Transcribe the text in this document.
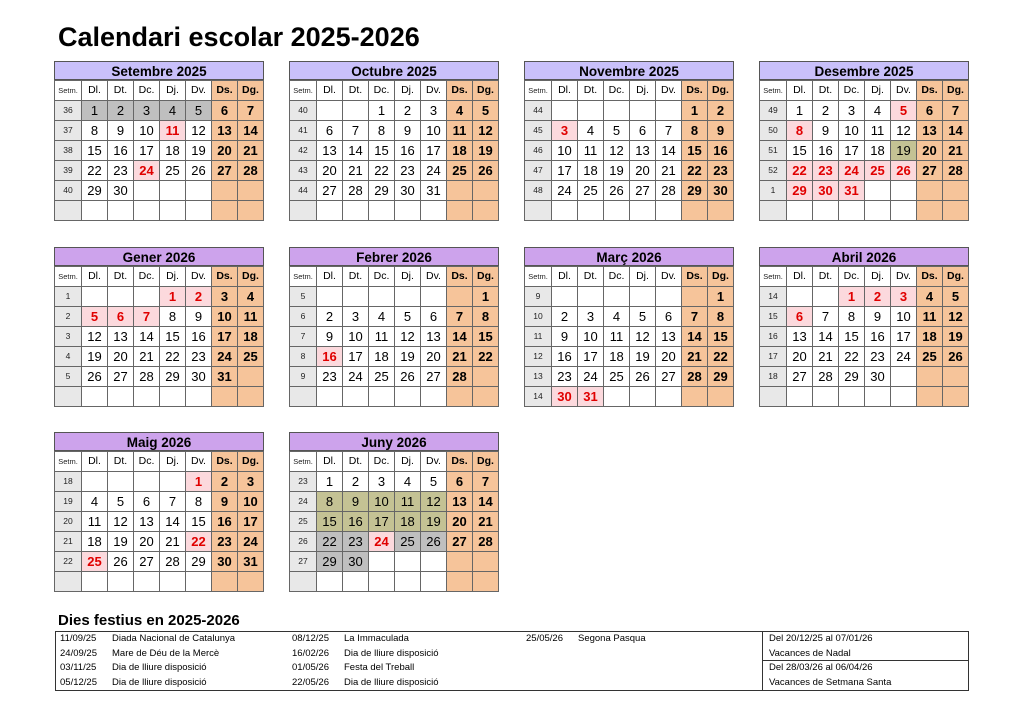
Calendari escolar 2025-2026
Setembre 2025
Setm.	Dl.	Dt.	Dc.	Dj.	Dv.	Ds.	Dg.
36	1	2	3	4	5	6	7
37	8	9	10	11	12	13	14
38	15	16	17	18	19	20	21
39	22	23	24	25	26	27	28
40	29	30					

Octubre 2025
Setm.	Dl.	Dt.	Dc.	Dj.	Dv.	Ds.	Dg.
40			1	2	3	4	5
41	6	7	8	9	10	11	12
42	13	14	15	16	17	18	19
43	20	21	22	23	24	25	26
44	27	28	29	30	31		

Novembre 2025
Setm.	Dl.	Dt.	Dc.	Dj.	Dv.	Ds.	Dg.
44						1	2
45	3	4	5	6	7	8	9
46	10	11	12	13	14	15	16
47	17	18	19	20	21	22	23
48	24	25	26	27	28	29	30

Desembre 2025
Setm.	Dl.	Dt.	Dc.	Dj.	Dv.	Ds.	Dg.
49	1	2	3	4	5	6	7
50	8	9	10	11	12	13	14
51	15	16	17	18	19	20	21
52	22	23	24	25	26	27	28
1	29	30	31				

Gener 2026
Setm.	Dl.	Dt.	Dc.	Dj.	Dv.	Ds.	Dg.
1				1	2	3	4
2	5	6	7	8	9	10	11
3	12	13	14	15	16	17	18
4	19	20	21	22	23	24	25
5	26	27	28	29	30	31	

Febrer 2026
Setm.	Dl.	Dt.	Dc.	Dj.	Dv.	Ds.	Dg.
5							1
6	2	3	4	5	6	7	8
7	9	10	11	12	13	14	15
8	16	17	18	19	20	21	22
9	23	24	25	26	27	28	

Març 2026
Setm.	Dl.	Dt.	Dc.	Dj.	Dv.	Ds.	Dg.
9							1
10	2	3	4	5	6	7	8
11	9	10	11	12	13	14	15
12	16	17	18	19	20	21	22
13	23	24	25	26	27	28	29
14	30	31					
Abril 2026
Setm.	Dl.	Dt.	Dc.	Dj.	Dv.	Ds.	Dg.
14			1	2	3	4	5
15	6	7	8	9	10	11	12
16	13	14	15	16	17	18	19
17	20	21	22	23	24	25	26
18	27	28	29	30			

Maig 2026
Setm.	Dl.	Dt.	Dc.	Dj.	Dv.	Ds.	Dg.
18					1	2	3
19	4	5	6	7	8	9	10
20	11	12	13	14	15	16	17
21	18	19	20	21	22	23	24
22	25	26	27	28	29	30	31

Juny 2026
Setm.	Dl.	Dt.	Dc.	Dj.	Dv.	Ds.	Dg.
23	1	2	3	4	5	6	7
24	8	9	10	11	12	13	14
25	15	16	17	18	19	20	21
26	22	23	24	25	26	27	28
27	29	30					

Dies festius en 2025-2026
11/09/25 Diada Nacional de Catalunya
24/09/25 Mare de Déu de la Mercè
03/11/25 Dia de lliure disposició
05/12/25 Dia de lliure disposició
08/12/25 La Immaculada
16/02/26 Dia de lliure disposició
01/05/26 Festa del Treball
22/05/26 Dia de lliure disposició
25/05/26 Segona Pasqua	Del 20/12/25 al 07/01/26
Vacances de Nadal
Del 28/03/26 al 06/04/26
Vacances de Setmana Santa
